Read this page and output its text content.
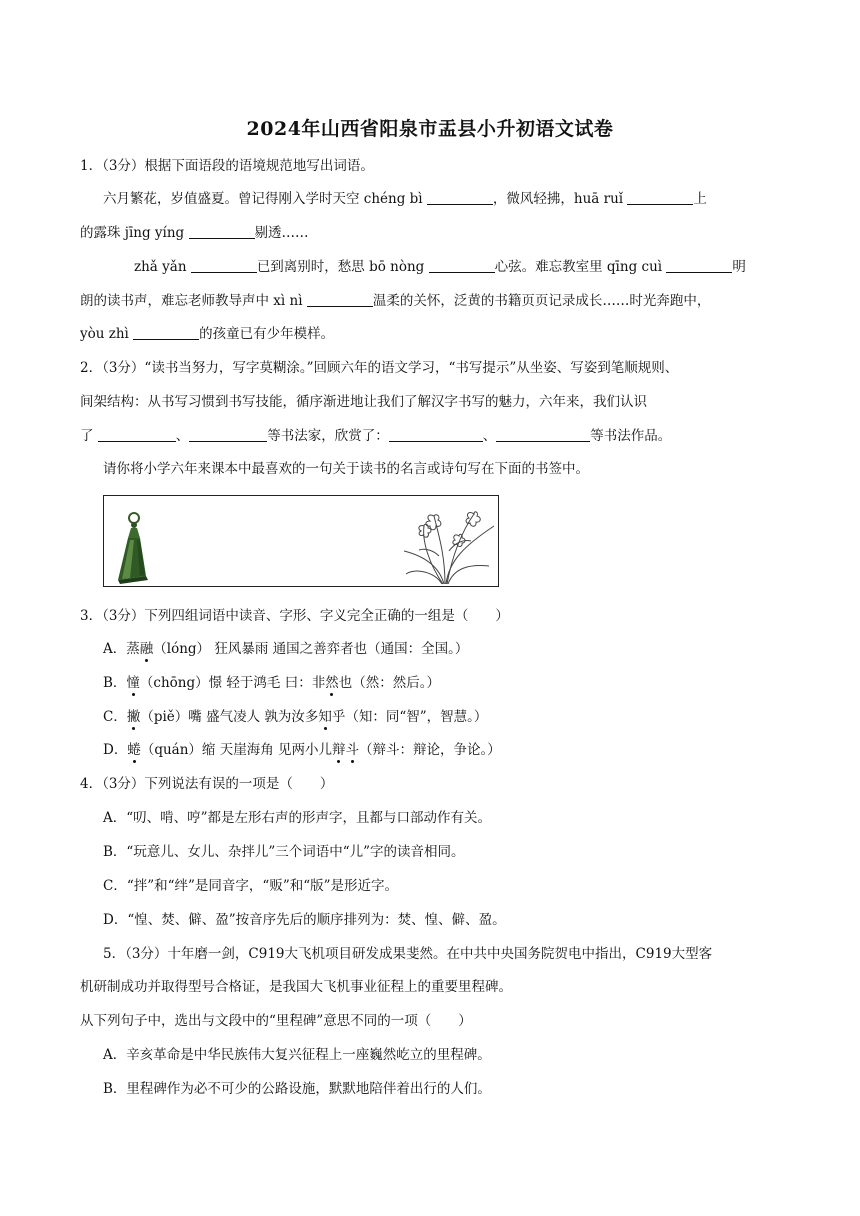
2024年山西省阳泉市盂县小升初语文试卷
1．（3分）根据下面语段的语境规范地写出词语。
六月繁花，岁值盛夏。曾记得刚入学时天空 chéng bì	，微风轻拂，huā ruǐ	上
的露珠 jīng yíng	剔透……
zhǎ yǎn	已到离别时，愁思 bō nòng	心弦。难忘教室里 qīng cuì	明
朗的读书声，难忘老师教导声中 xì nì	温柔的关怀，泛黄的书籍页页记录成长……时光奔跑中，
yòu zhì	的孩童已有少年模样。
2．（3分）“读书当努力，写字莫糊涂。”回顾六年的语文学习，“书写提示”从坐姿、写姿到笔顺规则、
间架结构：从书写习惯到书写技能，循序渐进地让我们了解汉字书写的魅力，六年来，我们认识
了	、	等书法家，欣赏了：	、	等书法作品。
请你将小学六年来课本中最喜欢的一句关于读书的名言或诗句写在下面的书签中。
3．（3分）下列四组词语中读音、字形、字义完全正确的一组是（　　）
A．蒸融（lóng） 狂风暴雨 通国之善弈者也（通国：全国。）
B．憧（chōng）憬 轻于鸿毛 曰：非然也（然：然后。）
C．撇（piě）嘴 盛气凌人 孰为汝多知乎（知：同“智”，智慧。）
D．蜷（quán）缩 天崖海角 见两小儿辩斗（辩斗：辩论，争论。）
4．（3分）下列说法有误的一项是（　　）
A．“叨、啃、哼”都是左形右声的形声字，且都与口部动作有关。
B．“玩意儿、女儿、杂拌儿”三个词语中“儿”字的读音相同。
C．“拌”和“绊”是同音字，“贩”和“版”是形近字。
D．“惶、焚、僻、盈”按音序先后的顺序排列为：焚、惶、僻、盈。
5．（3分）十年磨一剑，C919大飞机项目研发成果斐然。在中共中央国务院贺电中指出，C919大型客
机研制成功并取得型号合格证，是我国大飞机事业征程上的重要里程碑。
从下列句子中，选出与文段中的“里程碑”意思不同的一项（　　）
A．辛亥革命是中华民族伟大复兴征程上一座巍然屹立的里程碑。
B．里程碑作为必不可少的公路设施，默默地陪伴着出行的人们。
